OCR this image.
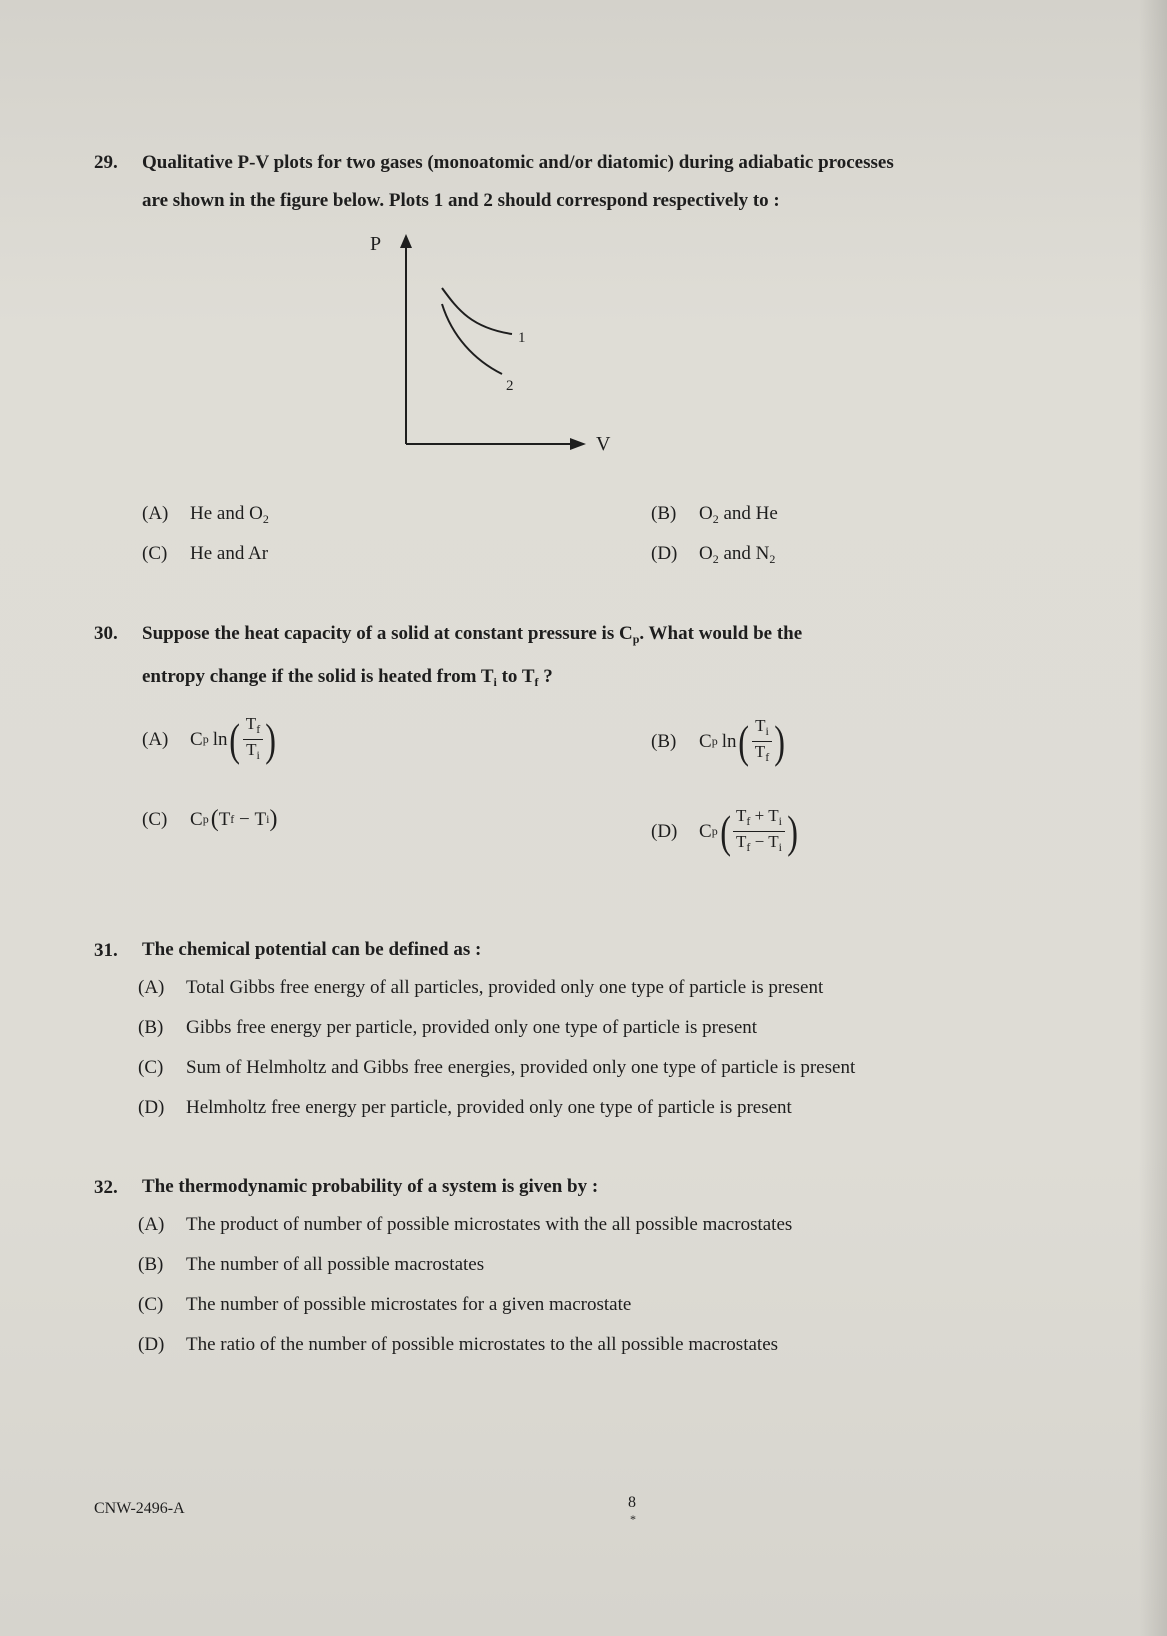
29. Qualitative P-V plots for two gases (monoatomic and/or diatomic) during adiabatic processes
are shown in the figure below. Plots 1 and 2 should correspond respectively to :
P
V
1
2
(A) He and $O_2$	(B) $O_2$ and He
(C) He and Ar	(D) $O_2$ and $N_2$
30. Suppose the heat capacity of a solid at constant pressure is $C_p$. What would be the
entropy change if the solid is heated from $T_i$ to $T_f$ ?
(A)	C p ln ( $\frac{T_f}{T_i}$ )	(B)	C p ln ( $\frac{T_i}{T_f}$ )
(C)	C p ( T f − T i )	(D)	C p ( $\frac{T_f + T_i}{T_f - T_i}$ )
31. The chemical potential can be defined as :
(A) Total Gibbs free energy of all particles, provided only one type of particle is present
(B) Gibbs free energy per particle, provided only one type of particle is present
(C) Sum of Helmholtz and Gibbs free energies, provided only one type of particle is present
(D) Helmholtz free energy per particle, provided only one type of particle is present
32. The thermodynamic probability of a system is given by :
(A) The product of number of possible microstates with the all possible macrostates
(B) The number of all possible macrostates
(C) The number of possible microstates for a given macrostate
(D) The ratio of the number of possible microstates to the all possible macrostates
CNW-2496-A	8
*
